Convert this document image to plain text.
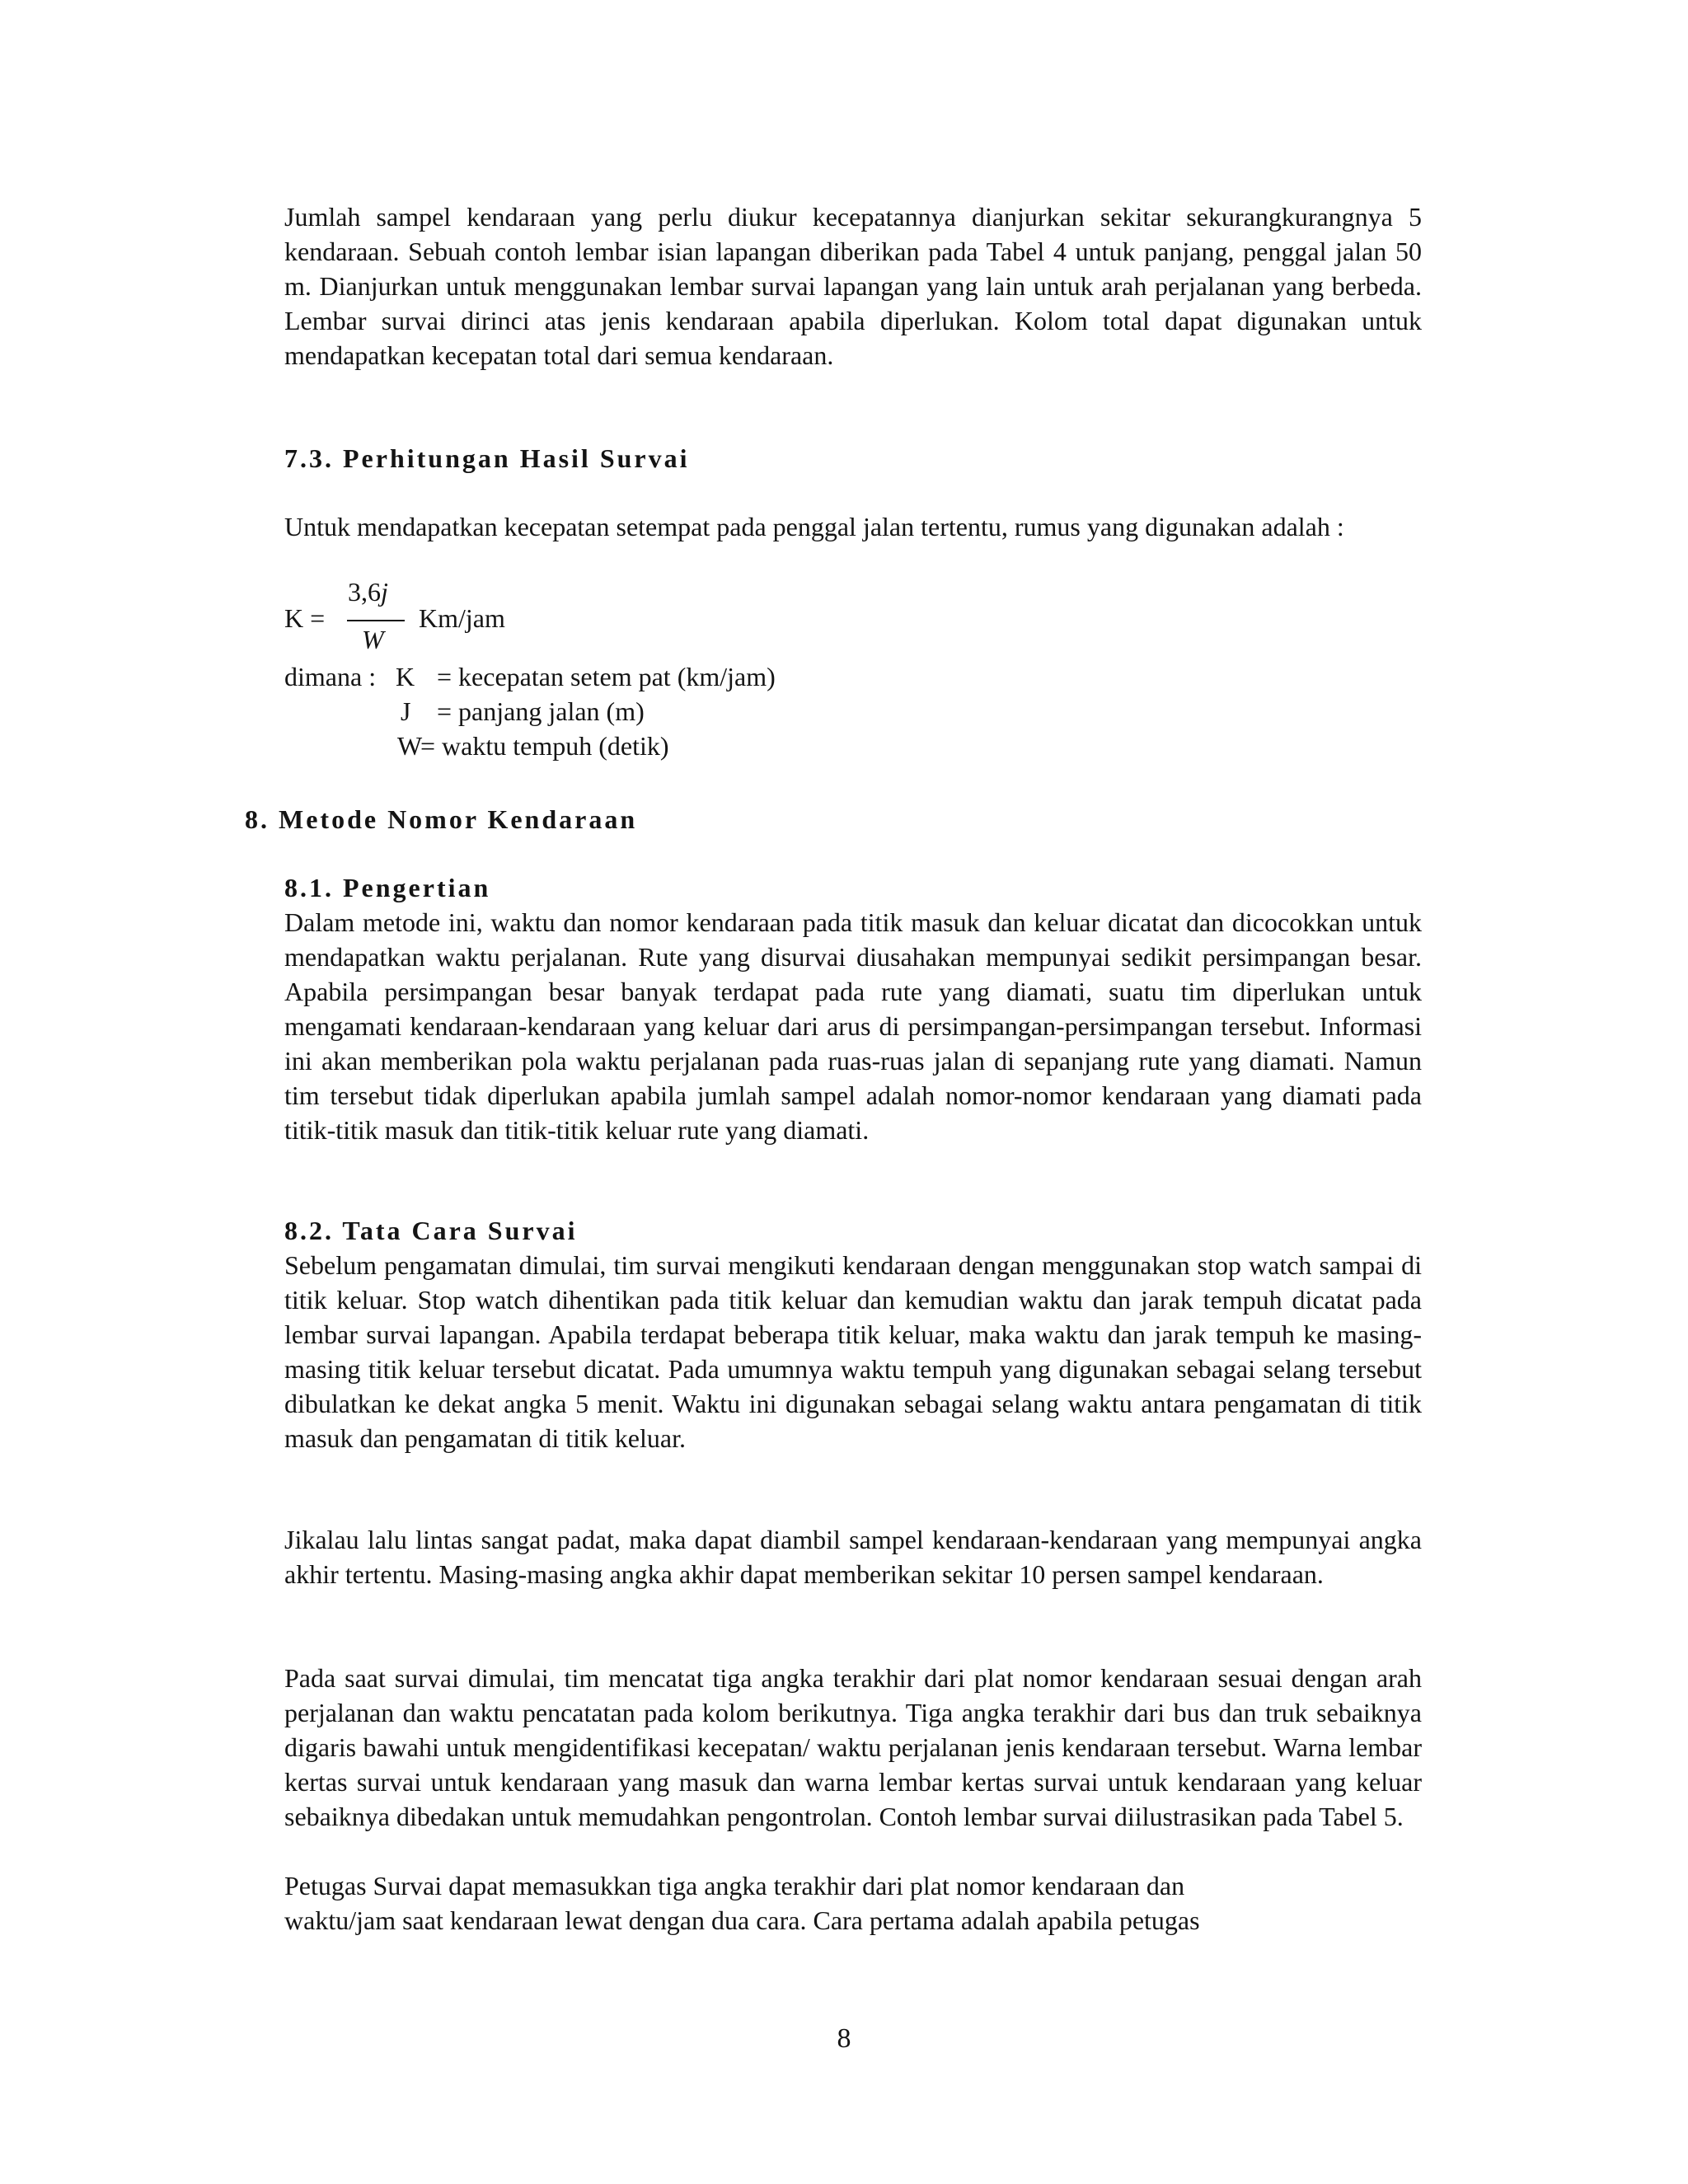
Jumlah sampel kendaraan yang perlu diukur kecepatannya dianjurkan sekitar sekurangkurangnya 5 kendaraan. Sebuah contoh lembar isian lapangan diberikan pada Tabel 4 untuk panjang, penggal jalan 50 m. Dianjurkan untuk menggunakan lembar survai lapangan yang lain untuk arah perjalanan yang berbeda. Lembar survai dirinci atas jenis kendaraan apabila diperlukan. Kolom total dapat digunakan untuk mendapatkan kecepatan total dari semua kendaraan.

7.3. Perhitungan Hasil Survai

Untuk mendapatkan kecepatan setempat pada penggal jalan tertentu, rumus yang digunakan adalah :

K =
3,6j
W
Km/jam
dimana : K = kecepatan setem pat (km/jam)
J = panjang jalan (m)
W
= waktu tempuh (detik)

8. Metode Nomor Kendaraan

8.1. Pengertian

Dalam metode ini, waktu dan nomor kendaraan pada titik masuk dan keluar dicatat dan dicocokkan untuk mendapatkan waktu perjalanan. Rute yang disurvai diusahakan mempunyai sedikit persimpangan besar. Apabila persimpangan besar banyak terdapat pada rute yang diamati, suatu tim diperlukan untuk mengamati kendaraan-kendaraan yang keluar dari arus di persimpangan-persimpangan tersebut. Informasi ini akan memberikan pola waktu perjalanan pada ruas-ruas jalan di sepanjang rute yang diamati. Namun tim tersebut tidak diperlukan apabila jumlah sampel adalah nomor-nomor kendaraan yang diamati pada titik-titik masuk dan titik-titik keluar rute yang diamati.

8.2. Tata Cara Survai

Sebelum pengamatan dimulai, tim survai mengikuti kendaraan dengan menggunakan stop watch sampai di titik keluar. Stop watch dihentikan pada titik keluar dan kemudian waktu dan jarak tempuh dicatat pada lembar survai lapangan. Apabila terdapat beberapa titik keluar, maka waktu dan jarak tempuh ke masing-masing titik keluar tersebut dicatat. Pada umumnya waktu tempuh yang digunakan sebagai selang tersebut dibulatkan ke dekat angka 5 menit. Waktu ini digunakan sebagai selang waktu antara pengamatan di titik masuk dan pengamatan di titik keluar.

Jikalau lalu lintas sangat padat, maka dapat diambil sampel kendaraan-kendaraan yang mempunyai angka akhir tertentu. Masing-masing angka akhir dapat memberikan sekitar 10 persen sampel kendaraan.

Pada saat survai dimulai, tim mencatat tiga angka terakhir dari plat nomor kendaraan sesuai dengan arah perjalanan dan waktu pencatatan pada kolom berikutnya. Tiga angka terakhir dari bus dan truk sebaiknya digaris bawahi untuk mengidentifikasi kecepatan/ waktu perjalanan jenis kendaraan tersebut. Warna lembar kertas survai untuk kendaraan yang masuk dan warna lembar kertas survai untuk kendaraan yang keluar sebaiknya dibedakan untuk memudahkan pengontrolan. Contoh lembar survai diilustrasikan pada Tabel 5.

Petugas Survai dapat memasukkan tiga angka terakhir dari plat nomor kendaraan dan

waktu/jam saat kendaraan lewat dengan dua cara. Cara pertama adalah apabila petugas

8
